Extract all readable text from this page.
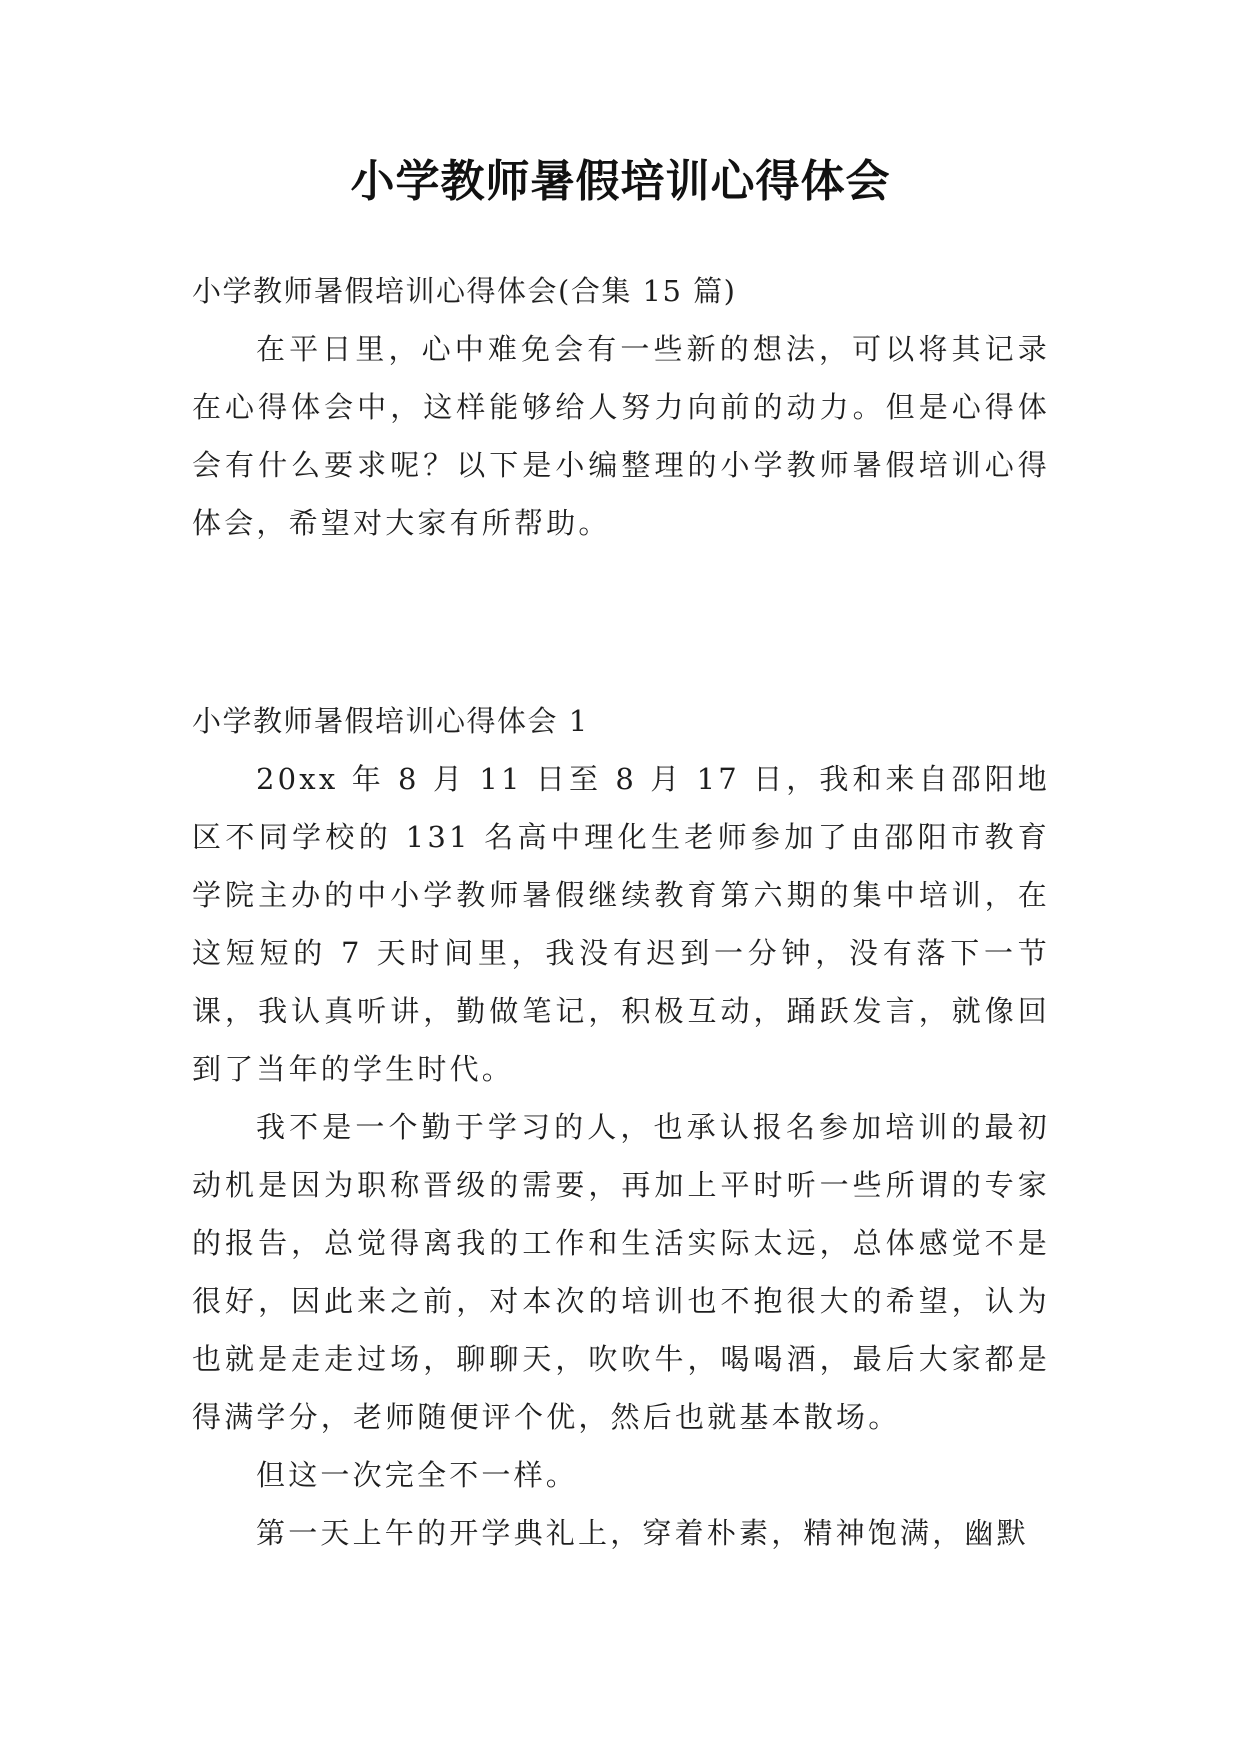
小学教师暑假培训心得体会

小学教师暑假培训心得体会(合集 15 篇)

在平日里，心中难免会有一些新的想法，可以将其记录在心得体会中，这样能够给人努力向前的动力。但是心得体会有什么要求呢？以下是小编整理的小学教师暑假培训心得体会，希望对大家有所帮助。

小学教师暑假培训心得体会 1

20xx 年 8 月 11 日至 8 月 17 日，我和来自邵阳地区不同学校的 131 名高中理化生老师参加了由邵阳市教育学院主办的中小学教师暑假继续教育第六期的集中培训，在这短短的 7 天时间里，我没有迟到一分钟，没有落下一节课，我认真听讲，勤做笔记，积极互动，踊跃发言，就像回到了当年的学生时代。

我不是一个勤于学习的人，也承认报名参加培训的最初动机是因为职称晋级的需要，再加上平时听一些所谓的专家的报告，总觉得离我的工作和生活实际太远，总体感觉不是很好，因此来之前，对本次的培训也不抱很大的希望，认为也就是走走过场，聊聊天，吹吹牛，喝喝酒，最后大家都是得满学分，老师随便评个优，然后也就基本散场。

但这一次完全不一样。

第一天上午的开学典礼上，穿着朴素，精神饱满，幽默
